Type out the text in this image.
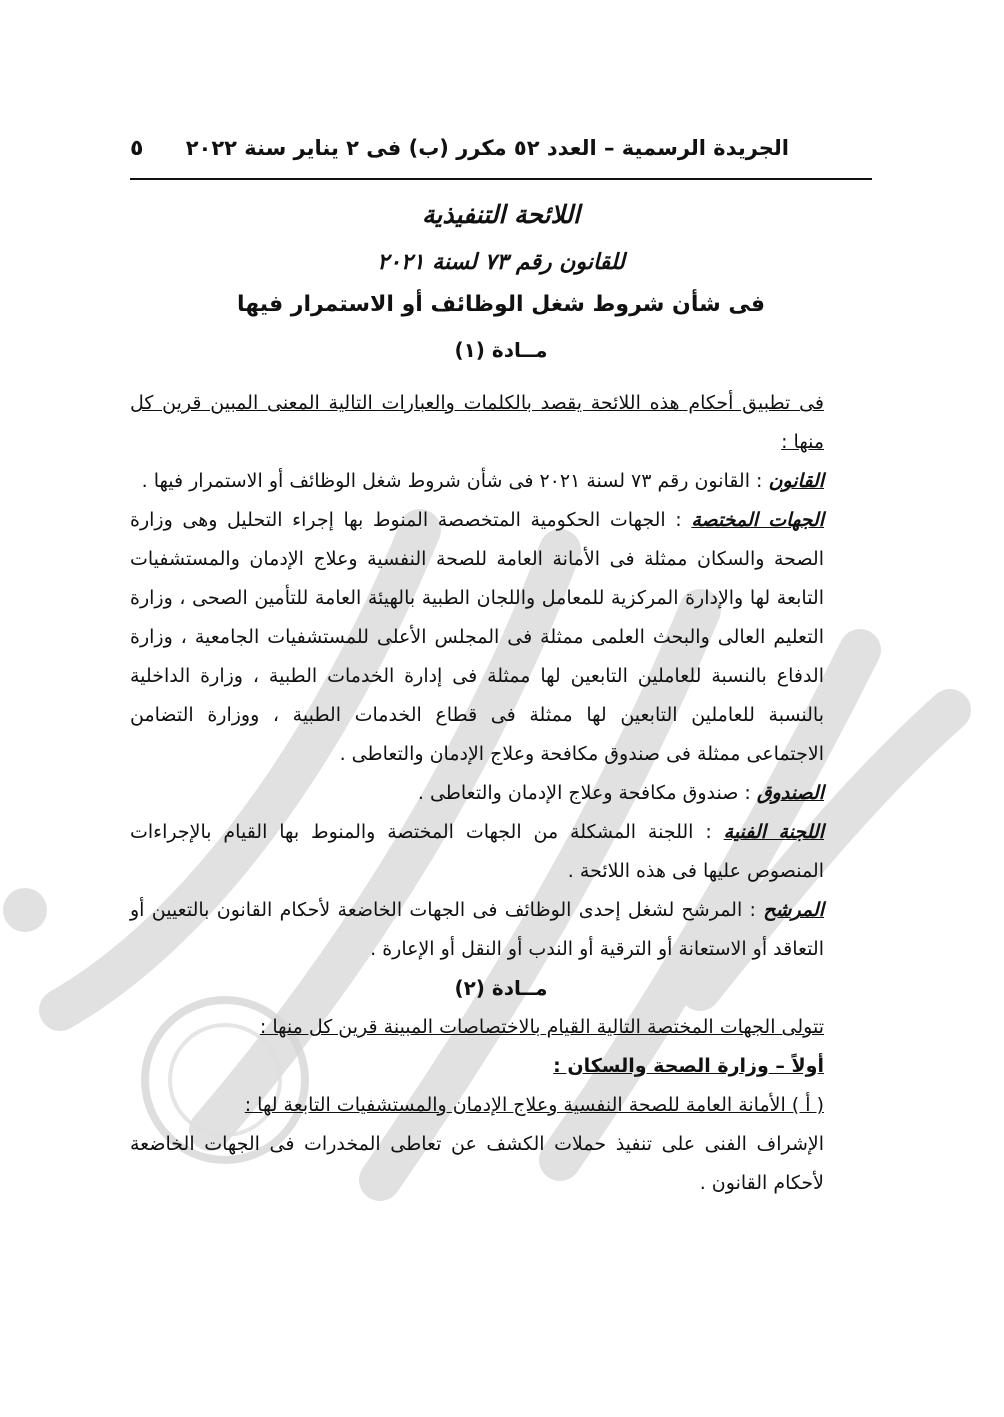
الجريدة الرسمية – العدد ٥٢ مكرر (ب) فى ٢ يناير سنة ٢٠٢٢
٥
اللائحة التنفيذية
للقانون رقم ٧٣ لسنة ٢٠٢١
فى شأن شروط شغل الوظائف أو الاستمرار فيها
مــادة (١)

فى تطبيق أحكام هذه اللائحة يقصد بالكلمات والعبارات التالية المعنى المبين قرين كل منها :

القانون : القانون رقم ٧٣ لسنة ٢٠٢١ فى شأن شروط شغل الوظائف أو الاستمرار فيها .

الجهات المختصة : الجهات الحكومية المتخصصة المنوط بها إجراء التحليل وهى وزارة الصحة والسكان ممثلة فى الأمانة العامة للصحة النفسية وعلاج الإدمان والمستشفيات التابعة لها والإدارة المركزية للمعامل واللجان الطبية بالهيئة العامة للتأمين الصحى ، وزارة التعليم العالى والبحث العلمى ممثلة فى المجلس الأعلى للمستشفيات الجامعية ، وزارة الدفاع بالنسبة للعاملين التابعين لها ممثلة فى إدارة الخدمات الطبية ، وزارة الداخلية بالنسبة للعاملين التابعين لها ممثلة فى قطاع الخدمات الطبية ، ووزارة التضامن الاجتماعى ممثلة فى صندوق مكافحة وعلاج الإدمان والتعاطى .

الصندوق : صندوق مكافحة وعلاج الإدمان والتعاطى .

اللجنة الفنية : اللجنة المشكلة من الجهات المختصة والمنوط بها القيام بالإجراءات المنصوص عليها فى هذه اللائحة .

المرشح : المرشح لشغل إحدى الوظائف فى الجهات الخاضعة لأحكام القانون بالتعيين أو التعاقد أو الاستعانة أو الترقية أو الندب أو النقل أو الإعارة .

مــادة (٢)

تتولى الجهات المختصة التالية القيام بالاختصاصات المبينة قرين كل منها :

أولاً – وزارة الصحة والسكان :

( أ ) الأمانة العامة للصحة النفسية وعلاج الإدمان والمستشفيات التابعة لها :

الإشراف الفنى على تنفيذ حملات الكشف عن تعاطى المخدرات فى الجهات الخاضعة لأحكام القانون .
